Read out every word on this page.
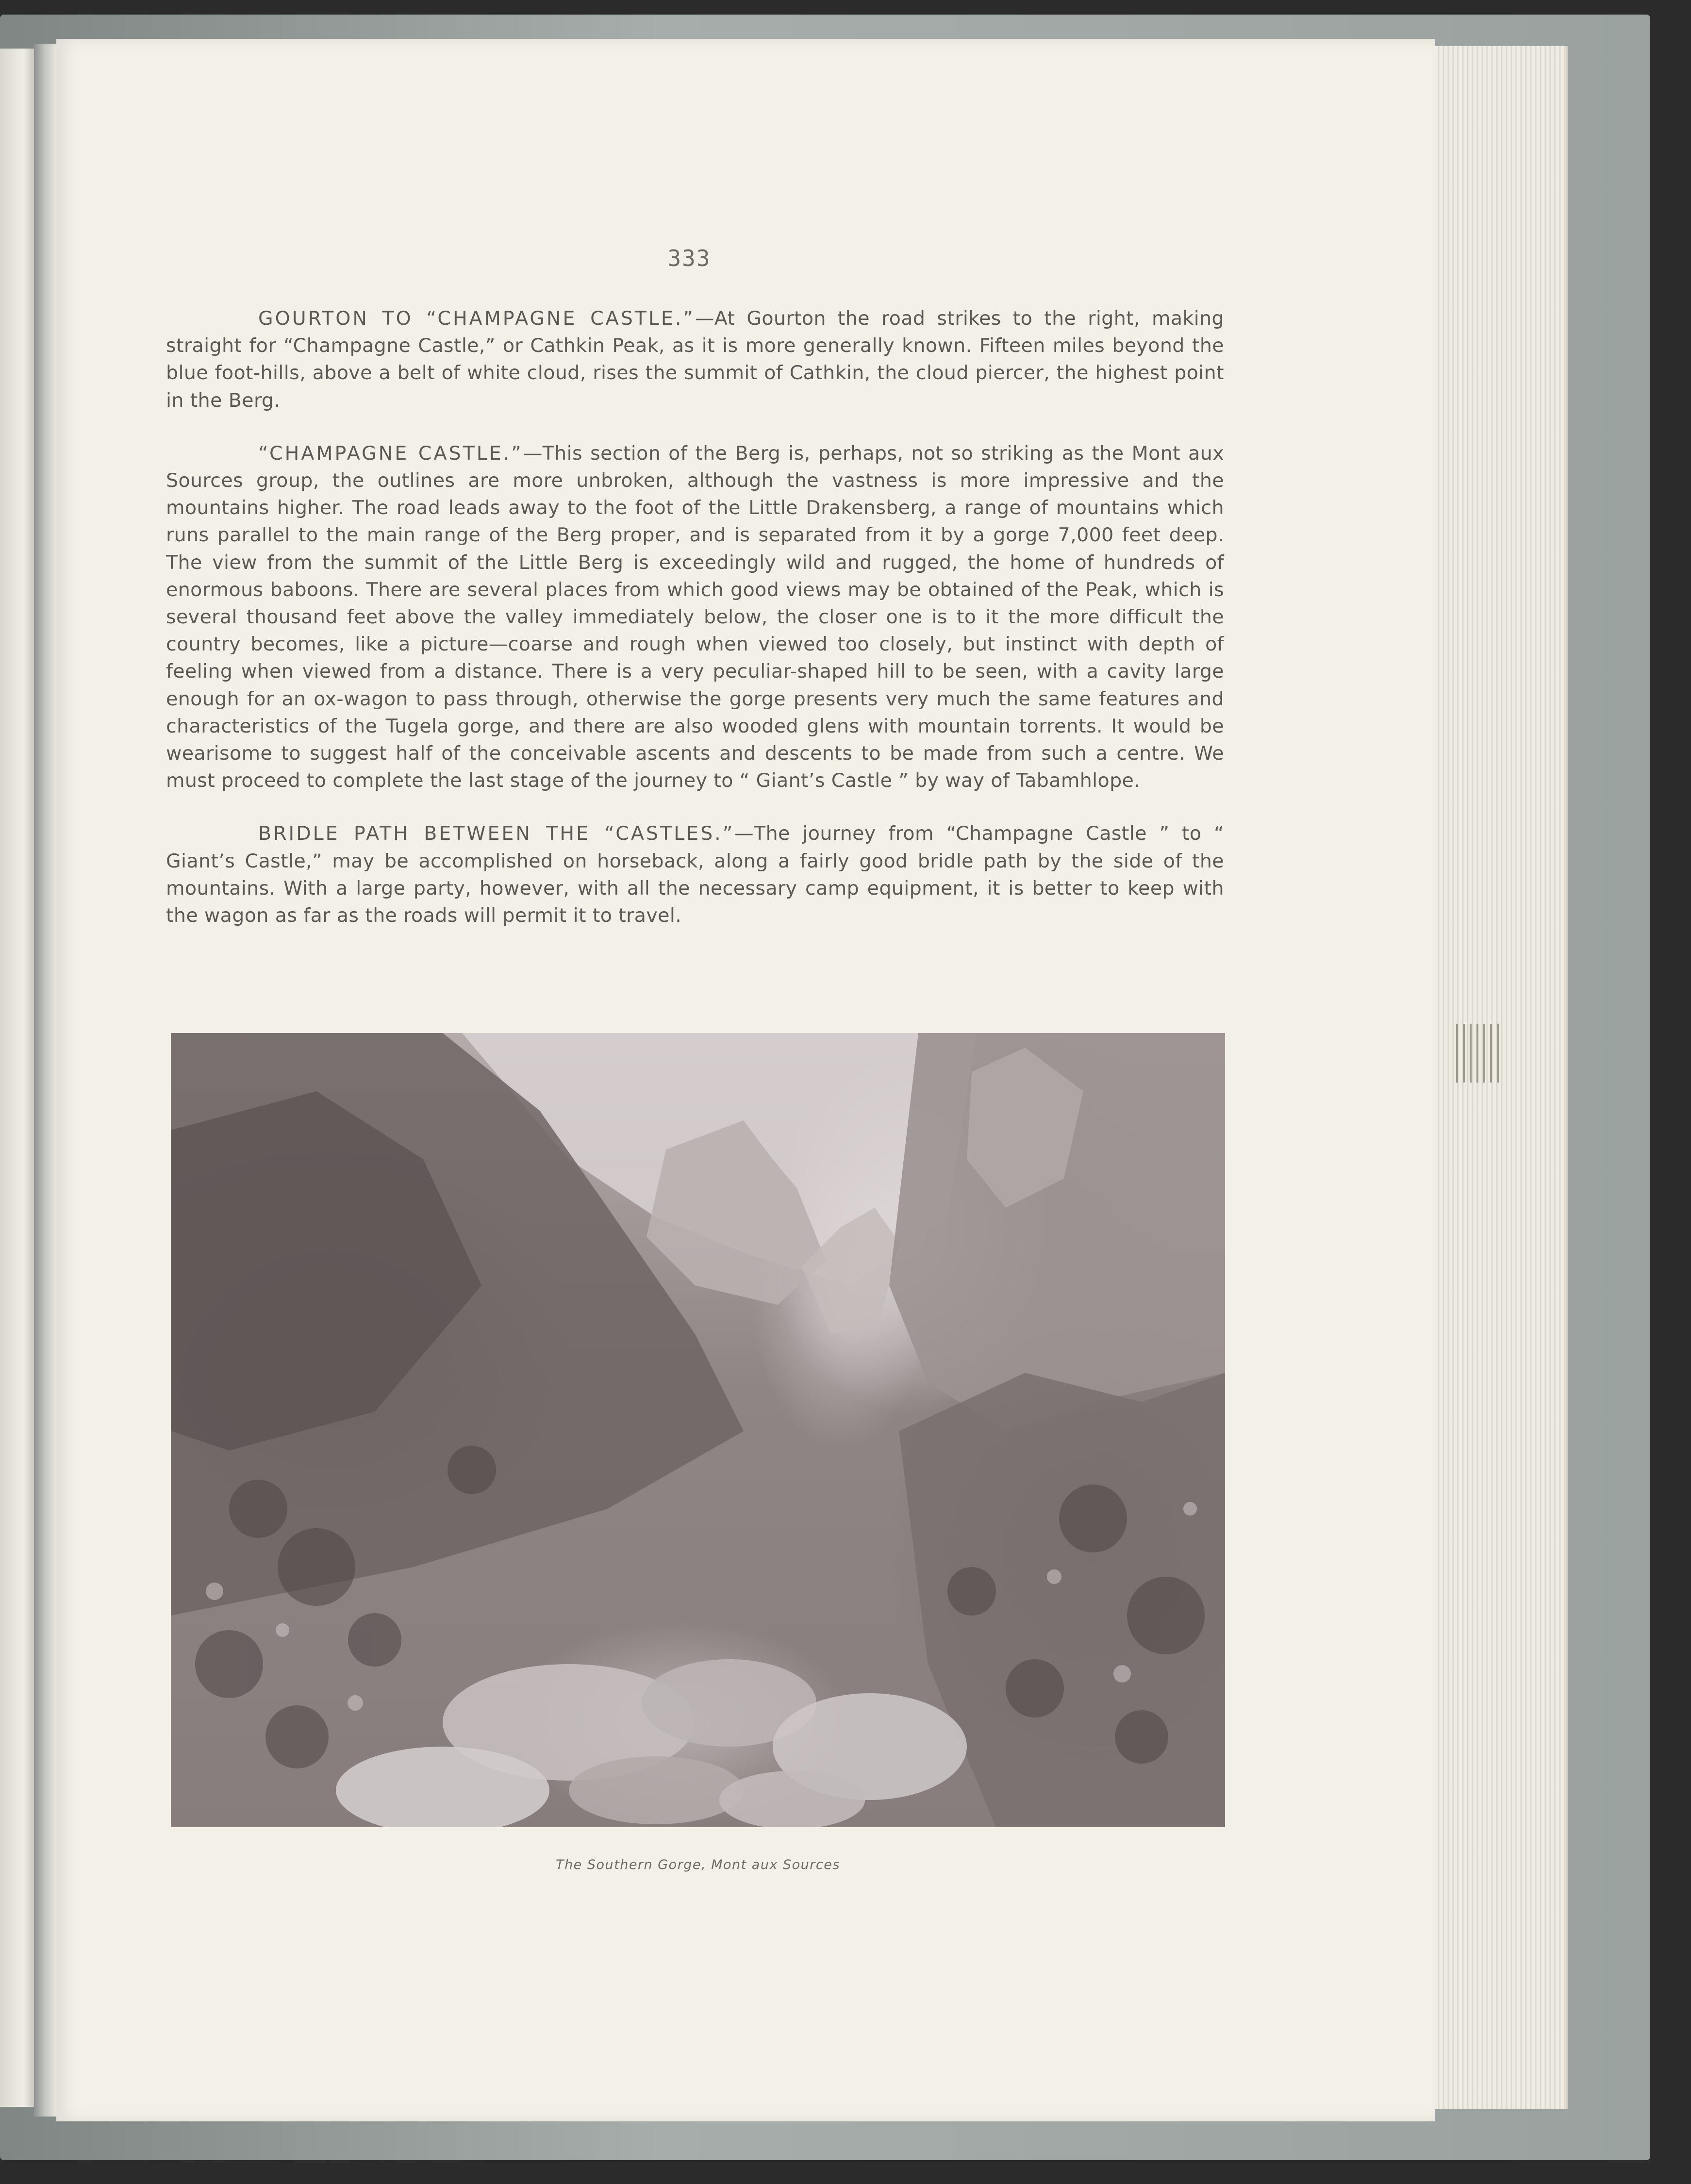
333

GOURTON TO “CHAMPAGNE CASTLE.”—At Gourton the road strikes to the right, making straight for “Champagne Castle,” or Cathkin Peak, as it is more generally known. Fifteen miles beyond the blue foot-hills, above a belt of white cloud, rises the summit of Cathkin, the cloud piercer, the highest point in the Berg.

“CHAMPAGNE CASTLE.”—This section of the Berg is, perhaps, not so striking as the Mont aux Sources group, the outlines are more unbroken, although the vastness is more impressive and the mountains higher. The road leads away to the foot of the Little Drakensberg, a range of mountains which runs parallel to the main range of the Berg proper, and is separated from it by a gorge 7,000 feet deep. The view from the summit of the Little Berg is exceedingly wild and rugged, the home of hundreds of enormous baboons. There are several places from which good views may be obtained of the Peak, which is several thousand feet above the valley immediately below, the closer one is to it the more difficult the country becomes, like a picture—coarse and rough when viewed too closely, but instinct with depth of feeling when viewed from a distance. There is a very peculiar-shaped hill to be seen, with a cavity large enough for an ox-wagon to pass through, otherwise the gorge presents very much the same features and characteristics of the Tugela gorge, and there are also wooded glens with mountain torrents. It would be wearisome to suggest half of the conceivable ascents and descents to be made from such a centre. We must proceed to complete the last stage of the journey to “ Giant’s Castle ” by way of Tabamhlope.

BRIDLE PATH BETWEEN THE “CASTLES.”—The journey from “Champagne Castle ” to “ Giant’s Castle,” may be accomplished on horseback, along a fairly good bridle path by the side of the mountains. With a large party, however, with all the necessary camp equipment, it is better to keep with the wagon as far as the roads will permit it to travel.

The Southern Gorge, Mont aux Sources
